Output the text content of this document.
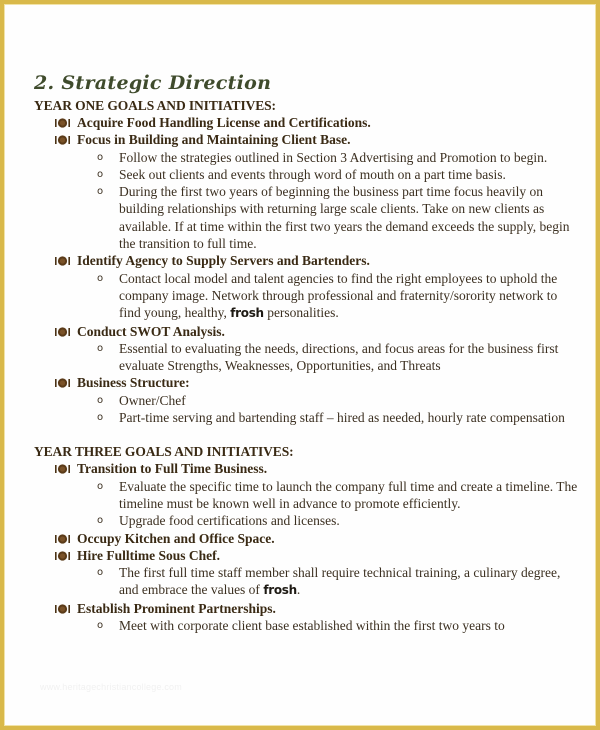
2. Strategic Direction
YEAR ONE GOALS AND INITIATIVES:
Acquire Food Handling License and Certifications.
Focus in Building and Maintaining Client Base.
o Follow the strategies outlined in Section 3 Advertising and Promotion to begin.
o Seek out clients and events through word of mouth on a part time basis.
o During the first two years of beginning the business part time focus heavily on building relationships with returning large scale clients. Take on new clients as available. If at time within the first two years the demand exceeds the supply, begin the transition to full time.
Identify Agency to Supply Servers and Bartenders.
o Contact local model and talent agencies to find the right employees to uphold the company image. Network through professional and fraternity/sorority network to find young, healthy, frosh personalities.
Conduct SWOT Analysis.
o Essential to evaluating the needs, directions, and focus areas for the business first evaluate Strengths, Weaknesses, Opportunities, and Threats
Business Structure:
o Owner/Chef
o Part-time serving and bartending staff – hired as needed, hourly rate compensation
YEAR THREE GOALS AND INITIATIVES:
Transition to Full Time Business.
o Evaluate the specific time to launch the company full time and create a timeline. The timeline must be known well in advance to promote efficiently.
o Upgrade food certifications and licenses.
Occupy Kitchen and Office Space.
Hire Fulltime Sous Chef.
o The first full time staff member shall require technical training, a culinary degree, and embrace the values of frosh.
Establish Prominent Partnerships.
o Meet with corporate client base established within the first two years to
www.heritagechristiancollege.com
